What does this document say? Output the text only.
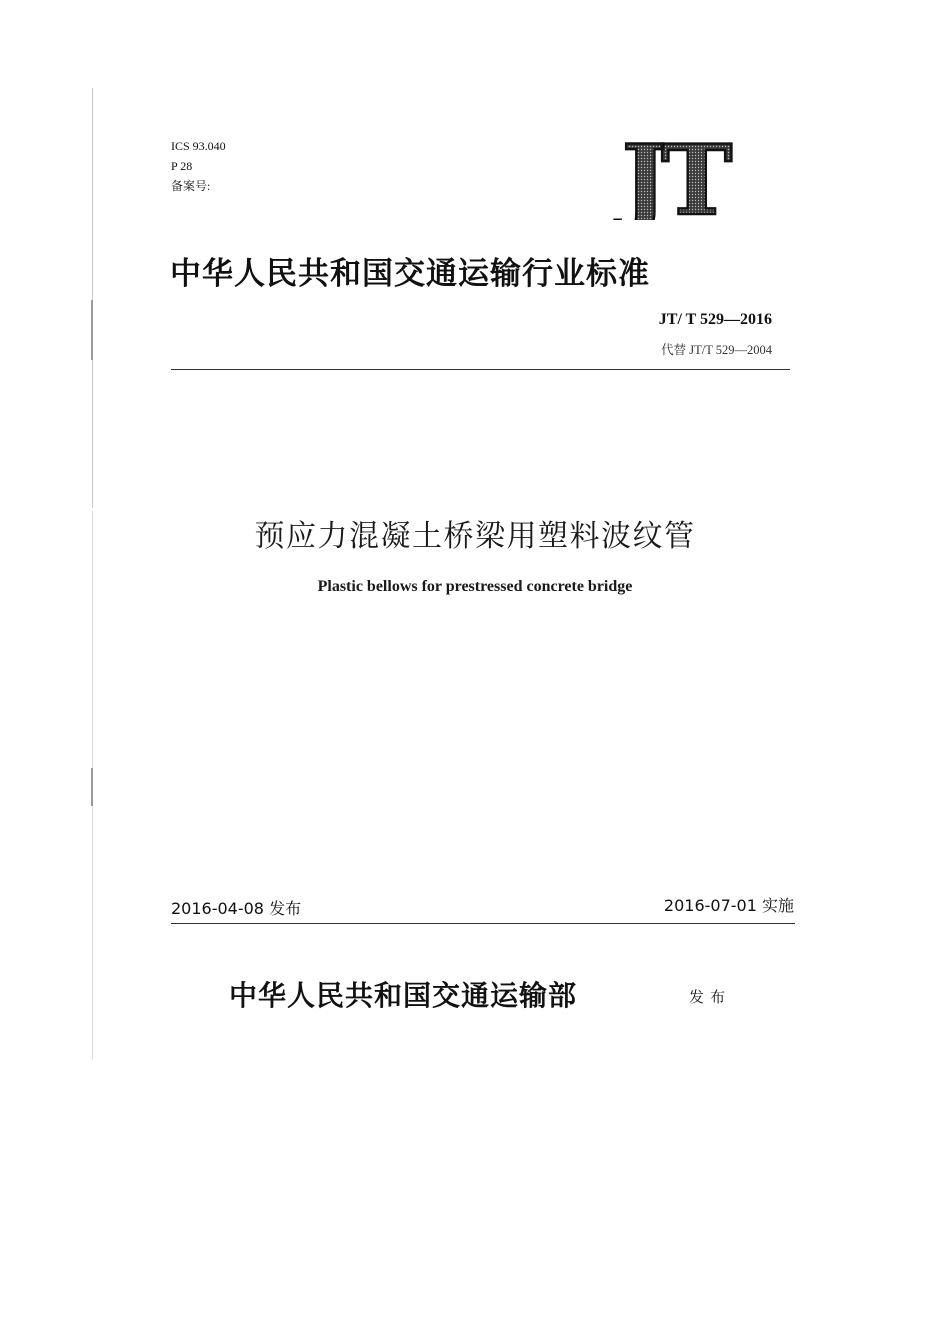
ICS 93.040
P 28
备案号:	JT
中华人民共和国交通运输行业标准
JT/ T 529—2016
代替 JT/T 529—2004
预应力混凝土桥梁用塑料波纹管
Plastic bellows for prestressed concrete bridge
2016-04-08 发布	2016-07-01 实施
中华人民共和国交通运输部	发布
